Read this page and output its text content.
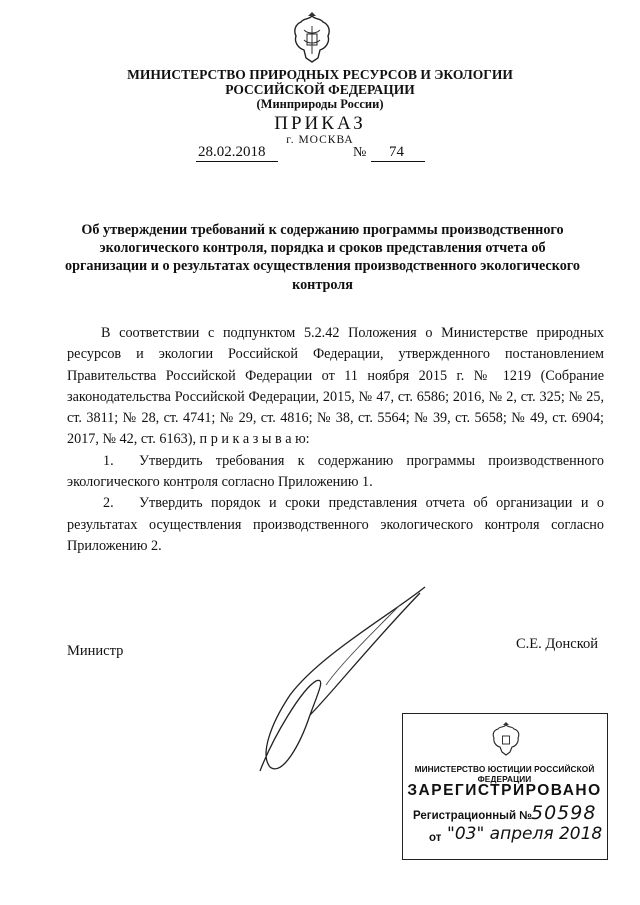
МИНИСТЕРСТВО ПРИРОДНЫХ РЕСУРСОВ И ЭКОЛОГИИ
РОССИЙСКОЙ ФЕДЕРАЦИИ
(Минприроды России)
ПРИКАЗ
г. МОСКВА
28.02.2018	№	74
Об утверждении требований к содержанию программы производственного экологического контроля, порядка и сроков представления отчета об организации и о результатах осуществления производственного экологического контроля

В соответствии с подпунктом 5.2.42 Положения о Министерстве природных ресурсов и экологии Российской Федерации, утвержденного постановлением Правительства Российской Федерации от 11 ноября 2015 г. № 1219 (Собрание законодательства Российской Федерации, 2015, № 47, ст. 6586; 2016, № 2, ст. 325; № 25, ст. 3811; № 28, ст. 4741; № 29, ст. 4816; № 38, ст. 5564; № 39, ст. 5658; № 49, ст. 6904; 2017, № 42, ст. 6163), п р и к а з ы в а ю:

1. Утвердить требования к содержанию программы производственного экологического контроля согласно Приложению 1.

2. Утвердить порядок и сроки представления отчета об организации и о результатах осуществления производственного экологического контроля согласно Приложению 2.

Министр	С.Е. Донской
МИНИСТЕРСТВО ЮСТИЦИИ РОССИЙСКОЙ ФЕДЕРАЦИИ
ЗАРЕГИСТРИРОВАНО
Регистрационный №
50598
от "03" апреля 2018
